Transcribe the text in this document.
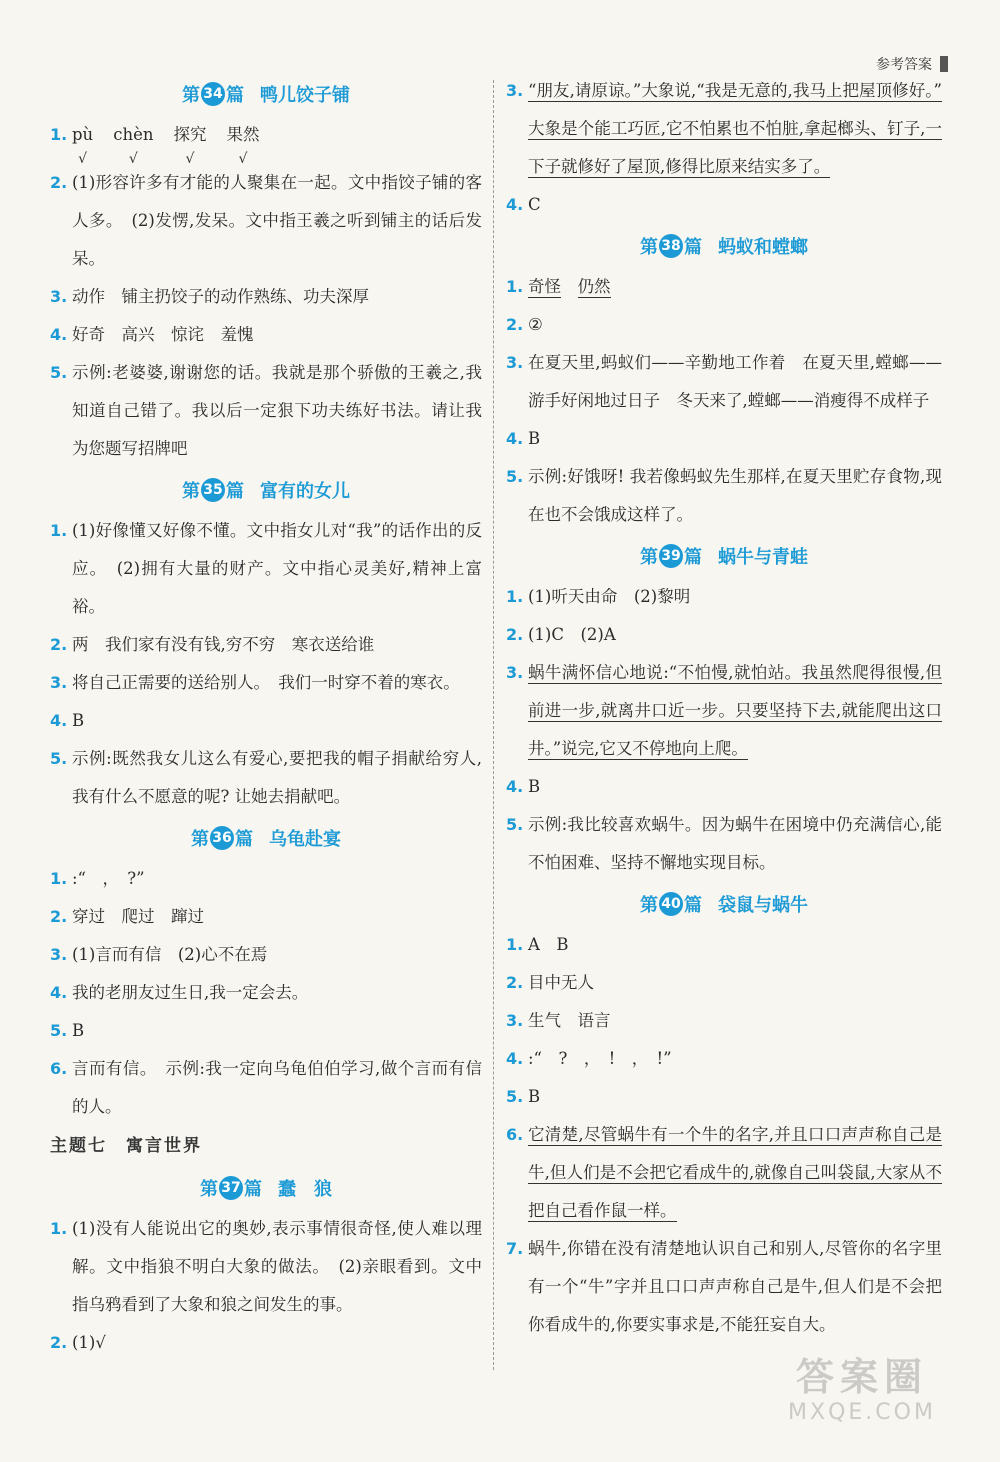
参考答案
第 34 篇 鸭儿饺子铺
1. pù
√
chèn
√
探究
√
果然
√
2. (1)形容许多有才能的人聚集在一起。文中指饺子铺的客人多。　(2)发愣,发呆。文中指王羲之听到铺主的话后发呆。
3. 动作　铺主扔饺子的动作熟练、功夫深厚
4. 好奇　高兴　惊诧　羞愧
5. 示例:老婆婆,谢谢您的话。我就是那个骄傲的王羲之,我知道自己错了。我以后一定狠下功夫练好书法。请让我为您题写招牌吧
第 35 篇 富有的女儿
1. (1)好像懂又好像不懂。文中指女儿对“我”的话作出的反应。　(2)拥有大量的财产。文中指心灵美好,精神上富裕。
2. 两　我们家有没有钱,穷不穷　寒衣送给谁
3. 将自己正需要的送给别人。　我们一时穿不着的寒衣。
4. B
5. 示例:既然我女儿这么有爱心,要把我的帽子捐献给穷人,我有什么不愿意的呢? 让她去捐献吧。
第 36 篇 乌龟赴宴
1. :“　，　?”
2. 穿过　爬过　蹿过
3. (1)言而有信　(2)心不在焉
4. 我的老朋友过生日,我一定会去。
5. B
6. 言而有信。　示例:我一定向乌龟伯伯学习,做个言而有信的人。
主题七　寓言世界
第 37 篇 蠢　狼
1. (1)没有人能说出它的奥妙,表示事情很奇怪,使人难以理解。文中指狼不明白大象的做法。　(2)亲眼看到。文中指乌鸦看到了大象和狼之间发生的事。
2. (1)√
3. “朋友,请原谅。”大象说,“我是无意的,我马上把屋顶修好。”　大象是个能工巧匠,它不怕累也不怕脏,拿起榔头、钉子,一下子就修好了屋顶,修得比原来结实多了。
4. C
第 38 篇 蚂蚁和螳螂
1. 奇怪　 仍然
2. ②
3. 在夏天里,蚂蚁们——辛勤地工作着　在夏天里,螳螂——游手好闲地过日子　冬天来了,螳螂——消瘦得不成样子
4. B
5. 示例:好饿呀! 我若像蚂蚁先生那样,在夏天里贮存食物,现在也不会饿成这样了。
第 39 篇 蜗牛与青蛙
1. (1)听天由命　(2)黎明
2. (1)C　(2)A
3. 蜗牛满怀信心地说:“不怕慢,就怕站。我虽然爬得很慢,但前进一步,就离井口近一步。只要坚持下去,就能爬出这口井。”说完,它又不停地向上爬。
4. B
5. 示例:我比较喜欢蜗牛。因为蜗牛在困境中仍充满信心,能不怕困难、坚持不懈地实现目标。
第 40 篇 袋鼠与蜗牛
1. A　B
2. 目中无人
3. 生气　语言
4. :“　?　，　!　，　!”
5. B
6. 它清楚,尽管蜗牛有一个牛的名字,并且口口声声称自己是牛,但人们是不会把它看成牛的,就像自己叫袋鼠,大家从不把自己看作鼠一样。
7. 蜗牛,你错在没有清楚地认识自己和别人,尽管你的名字里有一个“牛”字并且口口声声称自己是牛,但人们是不会把你看成牛的,你要实事求是,不能狂妄自大。
答案圈
MXQE.COM
